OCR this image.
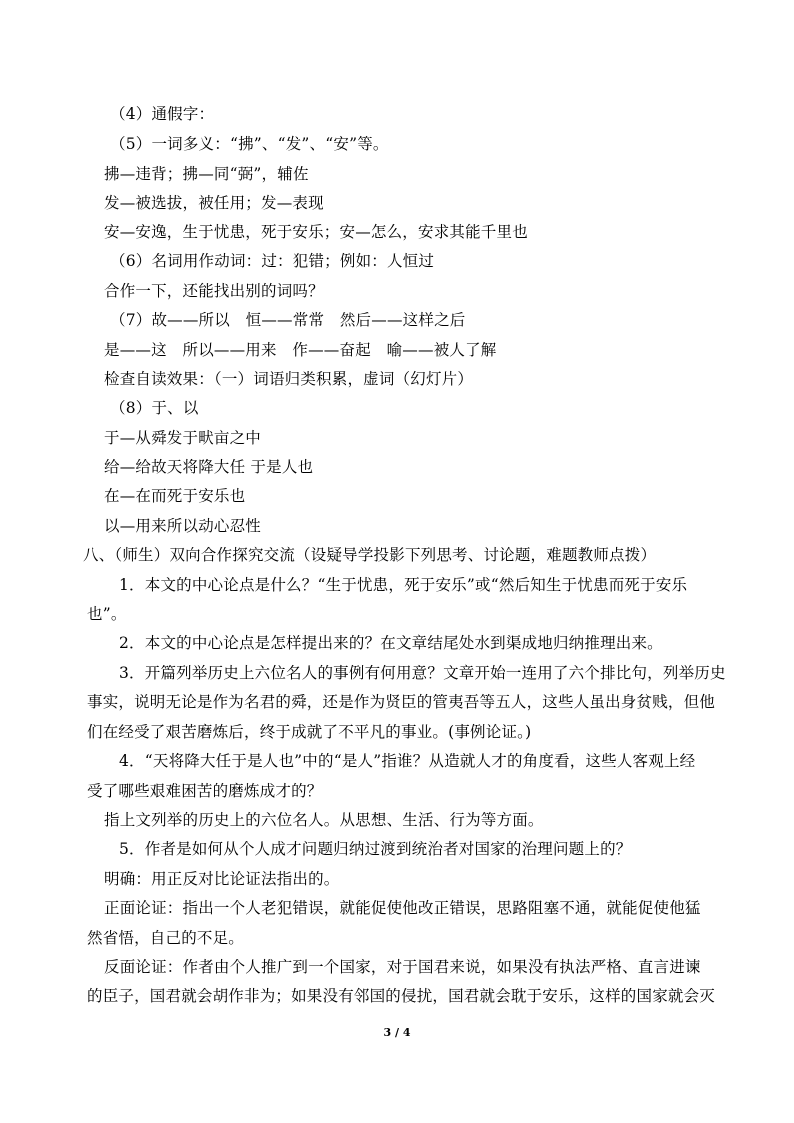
（4）通假字：
（5）一词多义：“拂”、“发”、“安”等。
拂—违背；拂—同“弼”，辅佐
发—被选拔，被任用；发—表现
安—安逸，生于忧患，死于安乐；安—怎么，安求其能千里也
（6）名词用作动词：过：犯错；例如：人恒过
合作一下，还能找出别的词吗？
（7）故——所以　恒——常常　然后——这样之后
是——这　所以——用来　作——奋起　喻——被人了解
检查自读效果：（一）词语归类积累，虚词（幻灯片）
（8）于、以
于—从舜发于畎亩之中
给—给故天将降大任 于是人也
在—在而死于安乐也
以—用来所以动心忍性
八、（师生）双向合作探究交流（设疑导学投影下列思考、讨论题，难题教师点拨）
1．本文的中心论点是什么？“生于忧患，死于安乐”或“然后知生于忧患而死于安乐
也”。
2．本文的中心论点是怎样提出来的？在文章结尾处水到渠成地归纳推理出来。
3．开篇列举历史上六位名人的事例有何用意？文章开始一连用了六个排比句，列举历史
事实，说明无论是作为名君的舜，还是作为贤臣的管夷吾等五人，这些人虽出身贫贱，但他
们在经受了艰苦磨炼后，终于成就了不平凡的事业。(事例论证。)
4．“天将降大任于是人也”中的“是人”指谁？从造就人才的角度看，这些人客观上经
受了哪些艰难困苦的磨炼成才的？
指上文列举的历史上的六位名人。从思想、生活、行为等方面。
5．作者是如何从个人成才问题归纳过渡到统治者对国家的治理问题上的？
明确：用正反对比论证法指出的。
正面论证：指出一个人老犯错误，就能促使他改正错误，思路阻塞不通，就能促使他猛
然省悟，自己的不足。
反面论证：作者由个人推广到一个国家，对于国君来说，如果没有执法严格、直言进谏
的臣子，国君就会胡作非为；如果没有邻国的侵扰，国君就会耽于安乐，这样的国家就会灭
3 / 4
